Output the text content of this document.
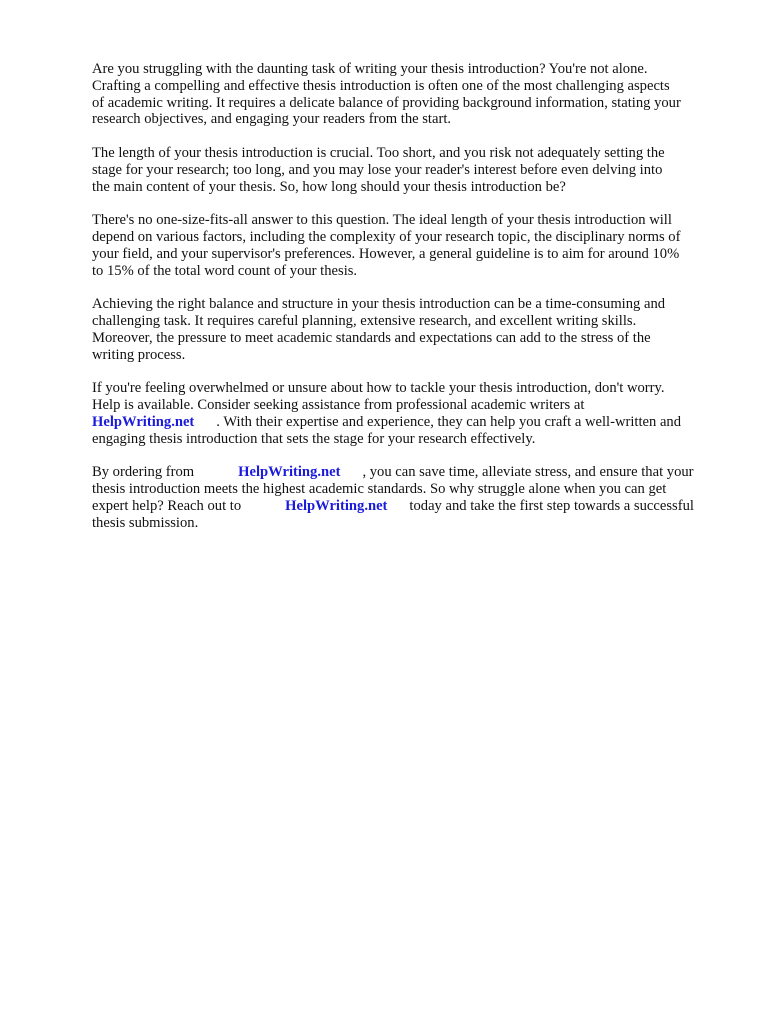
Are you struggling with the daunting task of writing your thesis introduction? You're not alone.
Crafting a compelling and effective thesis introduction is often one of the most challenging aspects
of academic writing. It requires a delicate balance of providing background information, stating your
research objectives, and engaging your readers from the start.

The length of your thesis introduction is crucial. Too short, and you risk not adequately setting the
stage for your research; too long, and you may lose your reader's interest before even delving into
the main content of your thesis. So, how long should your thesis introduction be?

There's no one-size-fits-all answer to this question. The ideal length of your thesis introduction will
depend on various factors, including the complexity of your research topic, the disciplinary norms of
your field, and your supervisor's preferences. However, a general guideline is to aim for around 10%
to 15% of the total word count of your thesis.

Achieving the right balance and structure in your thesis introduction can be a time-consuming and
challenging task. It requires careful planning, extensive research, and excellent writing skills.
Moreover, the pressure to meet academic standards and expectations can add to the stress of the
writing process.

If you're feeling overwhelmed or unsure about how to tackle your thesis introduction, don't worry.
Help is available. Consider seeking assistance from professional academic writers at
HelpWriting.net . With their expertise and experience, they can help you craft a well-written and
engaging thesis introduction that sets the stage for your research effectively.

By ordering from	HelpWriting.net , you can save time, alleviate stress, and ensure that your
thesis introduction meets the highest academic standards. So why struggle alone when you can get
expert help? Reach out to	HelpWriting.net today and take the first step towards a successful
thesis submission.
